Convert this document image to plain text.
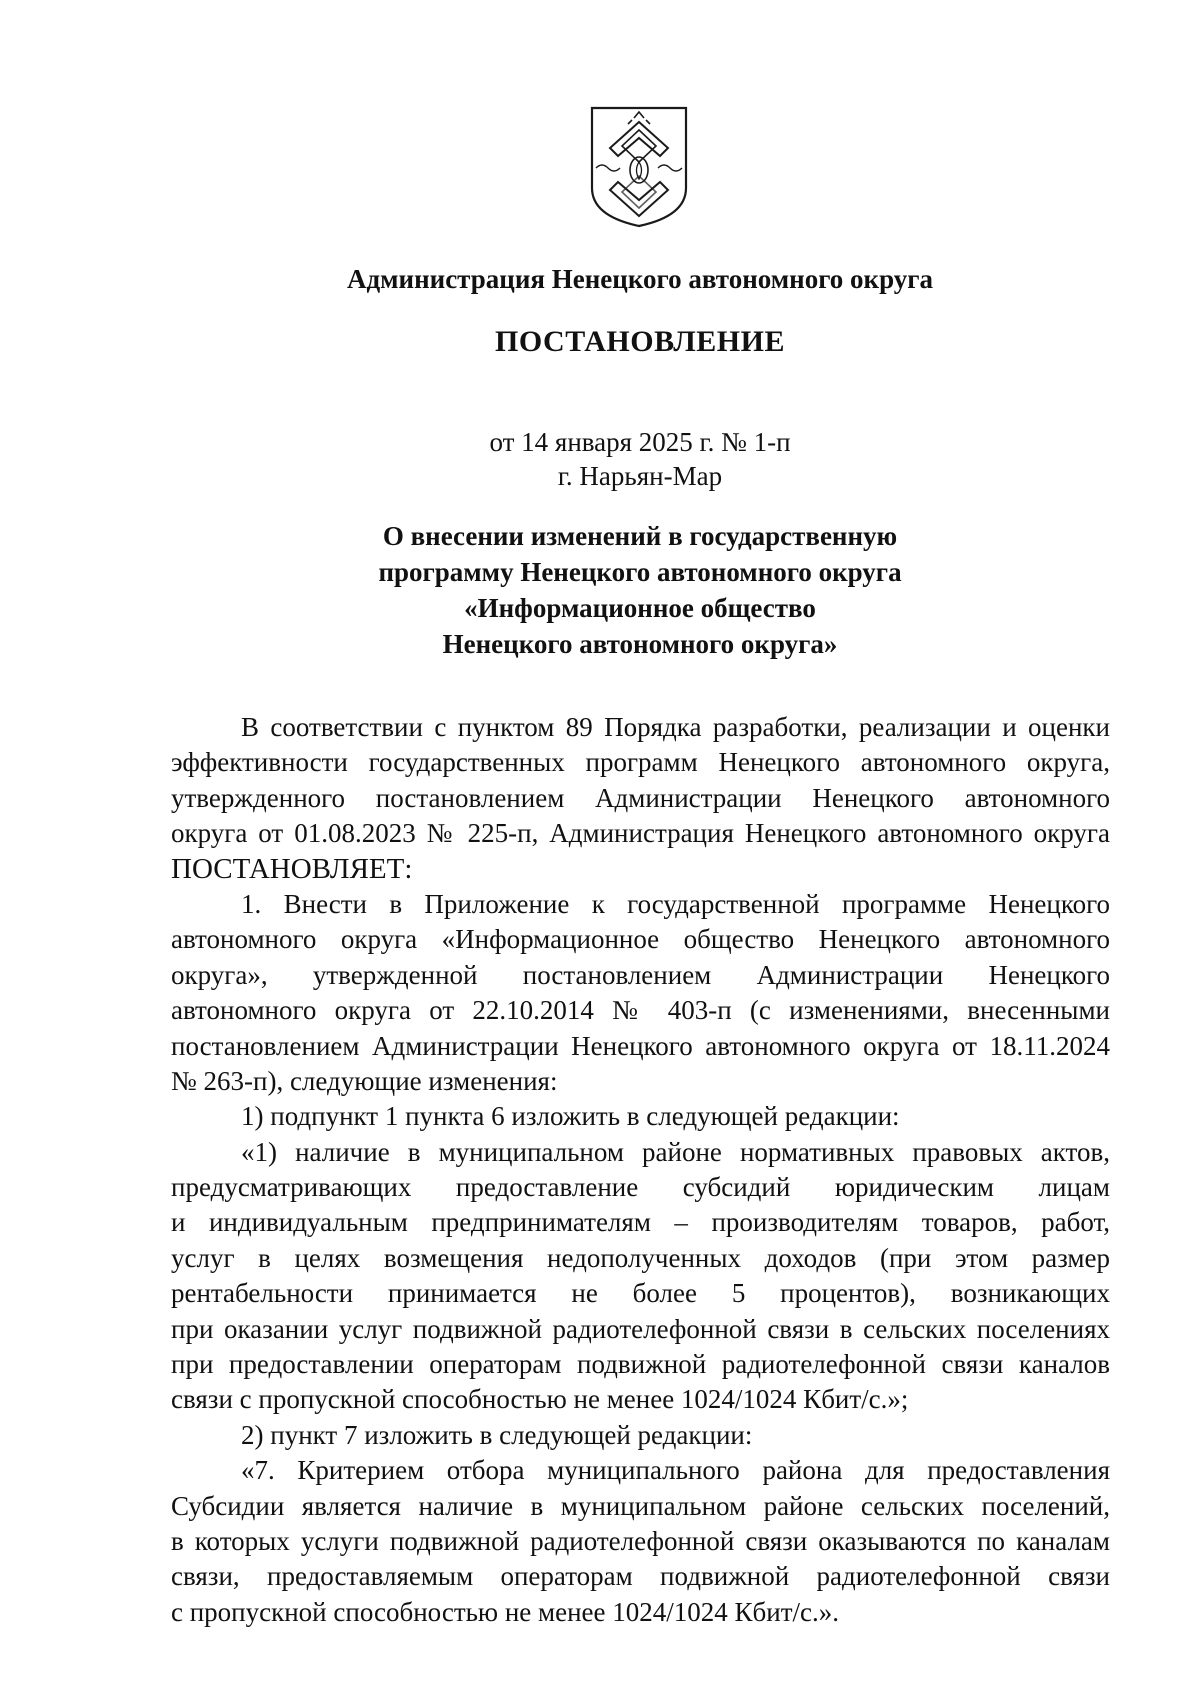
Администрация Ненецкого автономного округа
ПОСТАНОВЛЕНИЕ
от 14 января 2025 г. № 1-п
г. Нарьян-Мар
О внесении изменений в государственную
программу Ненецкого автономного округа
«Информационное общество
Ненецкого автономного округа»
В соответствии с пунктом 89 Порядка разработки, реализации и оценки
эффективности государственных программ Ненецкого автономного округа,
утвержденного постановлением Администрации Ненецкого автономного
округа от 01.08.2023 № 225-п, Администрация Ненецкого автономного округа
ПОСТАНОВЛЯЕТ:
1. Внести в Приложение к государственной программе Ненецкого
автономного округа «Информационное общество Ненецкого автономного
округа», утвержденной постановлением Администрации Ненецкого
автономного округа от 22.10.2014 № 403-п (с изменениями, внесенными
постановлением Администрации Ненецкого автономного округа от 18.11.2024
№ 263-п), следующие изменения:
1) подпункт 1 пункта 6 изложить в следующей редакции:
«1) наличие в муниципальном районе нормативных правовых актов,
предусматривающих предоставление субсидий юридическим лицам
и индивидуальным предпринимателям – производителям товаров, работ,
услуг в целях возмещения недополученных доходов (при этом размер
рентабельности принимается не более 5 процентов), возникающих
при оказании услуг подвижной радиотелефонной связи в сельских поселениях
при предоставлении операторам подвижной радиотелефонной связи каналов
связи с пропускной способностью не менее 1024/1024 Кбит/с.»;
2) пункт 7 изложить в следующей редакции:
«7. Критерием отбора муниципального района для предоставления
Субсидии является наличие в муниципальном районе сельских поселений,
в которых услуги подвижной радиотелефонной связи оказываются по каналам
связи, предоставляемым операторам подвижной радиотелефонной связи
с пропускной способностью не менее 1024/1024 Кбит/с.».
